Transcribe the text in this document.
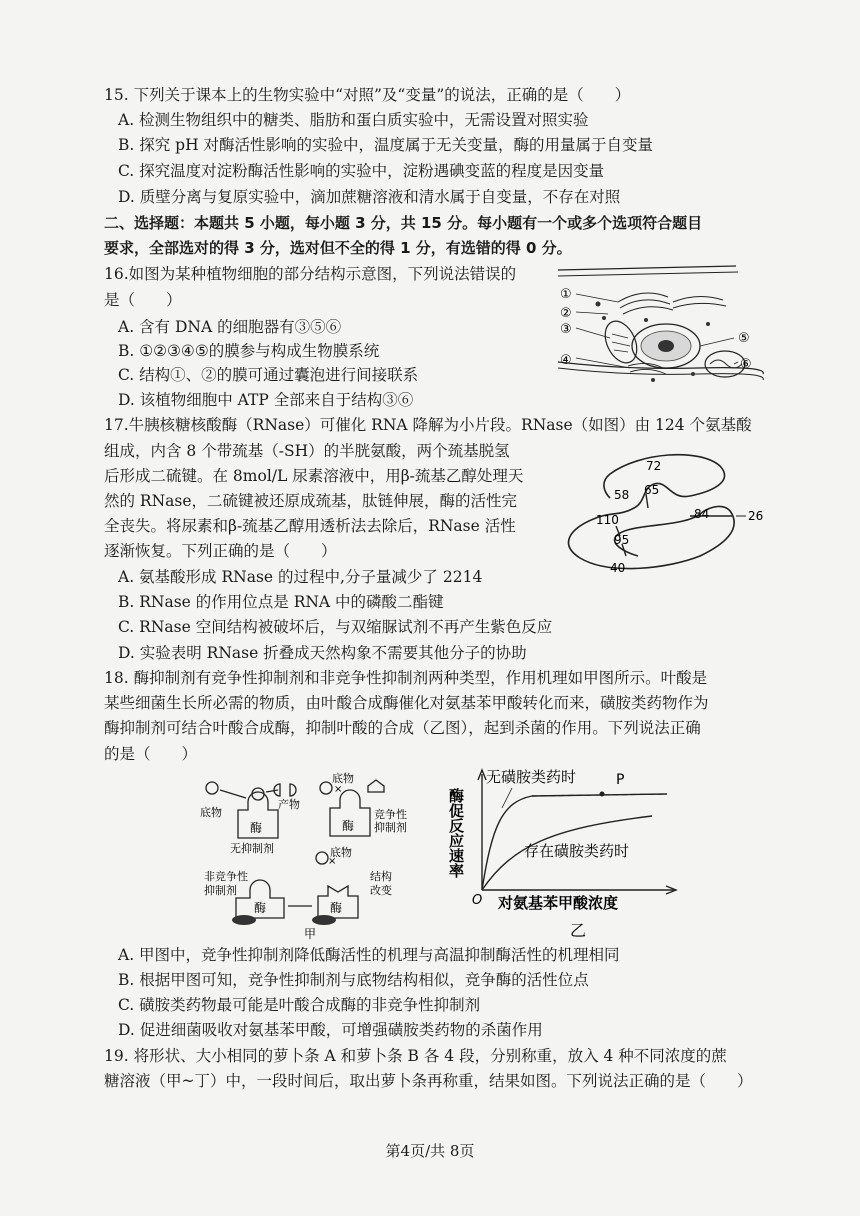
15. 下列关于课本上的生物实验中“对照”及“变量”的说法，正确的是（　　）
A. 检测生物组织中的糖类、脂肪和蛋白质实验中，无需设置对照实验
B. 探究 pH 对酶活性影响的实验中，温度属于无关变量，酶的用量属于自变量
C. 探究温度对淀粉酶活性影响的实验中，淀粉遇碘变蓝的程度是因变量
D. 质壁分离与复原实验中，滴加蔗糖溶液和清水属于自变量，不存在对照
二、选择题：本题共 5 小题，每小题 3 分，共 15 分。每小题有一个或多个选项符合题目
要求，全部选对的得 3 分，选对但不全的得 1 分，有选错的得 0 分。
16.如图为某种植物细胞的部分结构示意图，下列说法错误的
是（　　）
A. 含有 DNA 的细胞器有③⑤⑥
B. ①②③④⑤的膜参与构成生物膜系统
C. 结构①、②的膜可通过囊泡进行间接联系
D. 该植物细胞中 ATP 全部来自于结构③⑥
①
②
③
④
⑤
⑥
17.牛胰核糖核酸酶（RNase）可催化 RNA 降解为小片段。RNase（如图）由 124 个氨基酸
组成，内含 8 个带巯基（-SH）的半胱氨酸，两个巯基脱氢
后形成二硫键。在 8mol/L 尿素溶液中，用β-巯基乙醇处理天
然的 RNase，二硫键被还原成巯基，肽链伸展，酶的活性完
全丧失。将尿素和β-巯基乙醇用透析法去除后，RNase 活性
逐渐恢复。下列正确的是（　　）
A. 氨基酸形成 RNase 的过程中,分子量减少了 2214
B. RNase 的作用位点是 RNA 中的磷酸二酯键
C. RNase 空间结构被破坏后，与双缩脲试剂不再产生紫色反应
D. 实验表明 RNase 折叠成天然构象不需要其他分子的协助
72
65
58
110	84	26
95
40
18. 酶抑制剂有竞争性抑制剂和非竞争性抑制剂两种类型，作用机理如甲图所示。叶酸是
某些细菌生长所必需的物质，由叶酸合成酶催化对氨基苯甲酸转化而来，磺胺类药物作为
酶抑制剂可结合叶酸合成酶，抑制叶酸的合成（乙图），起到杀菌的作用。下列说法正确
的是（　　）
×
×
底物
产物
酶
无抑制剂
底物
酶
竞争性
抑制剂
非竞争性
抑制剂
酶
底物
酶
结构
改变
甲
酶促反应速率
O
无磺胺类药时
存在磺胺类药时
P
对氨基苯甲酸浓度
乙
A. 甲图中，竞争性抑制剂降低酶活性的机理与高温抑制酶活性的机理相同
B. 根据甲图可知，竞争性抑制剂与底物结构相似，竞争酶的活性位点
C. 磺胺类药物最可能是叶酸合成酶的非竞争性抑制剂
D. 促进细菌吸收对氨基苯甲酸，可增强磺胺类药物的杀菌作用
19. 将形状、大小相同的萝卜条 A 和萝卜条 B 各 4 段，分别称重，放入 4 种不同浓度的蔗
糖溶液（甲~丁）中，一段时间后，取出萝卜条再称重，结果如图。下列说法正确的是（　　）
第4页/共 8页
